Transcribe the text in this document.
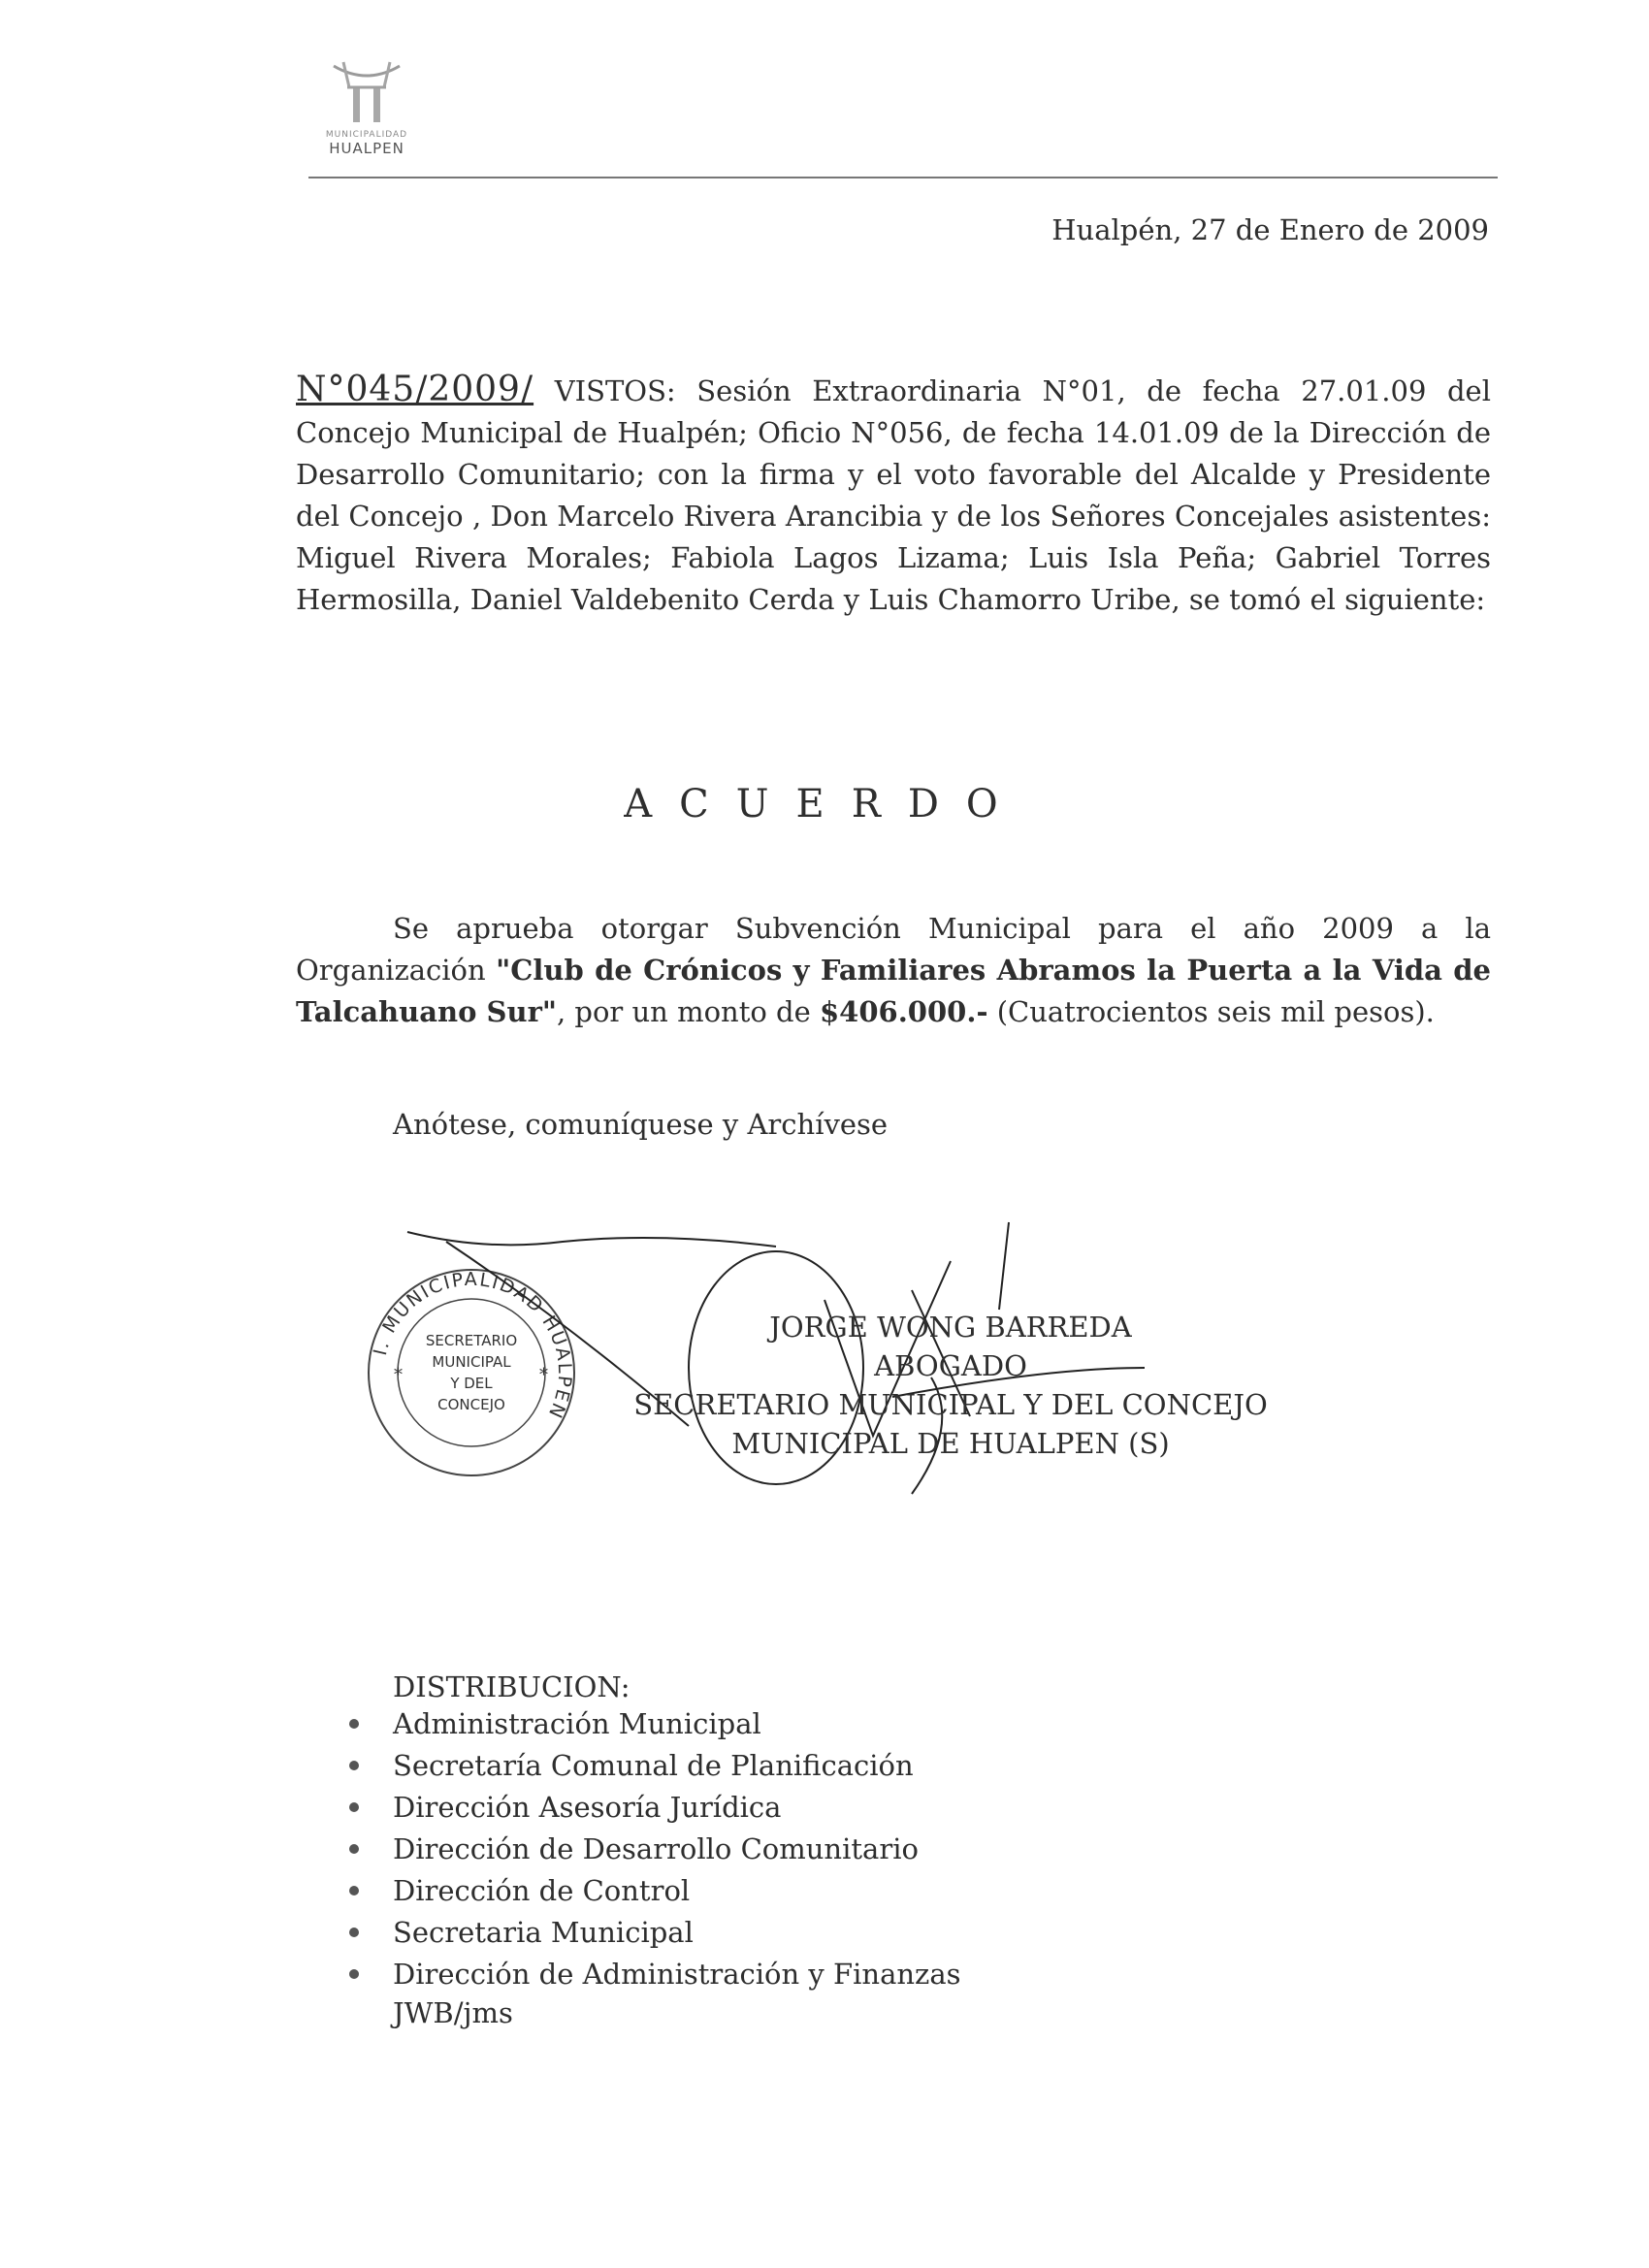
MUNICIPALIDAD
HUALPEN
Hualpén, 27 de Enero de 2009
N°045/2009/ VISTOS: Sesión Extraordinaria N°01, de fecha 27.01.09 del Concejo Municipal de Hualpén; Oficio N°056, de fecha 14.01.09 de la Dirección de Desarrollo Comunitario; con la firma y el voto favorable del Alcalde y Presidente del Concejo , Don Marcelo Rivera Arancibia y de los Señores Concejales asistentes: Miguel Rivera Morales; Fabiola Lagos Lizama; Luis Isla Peña; Gabriel Torres Hermosilla, Daniel Valdebenito Cerda y Luis Chamorro Uribe, se tomó el siguiente:
ACUERDO
Se aprueba otorgar Subvención Municipal para el año 2009 a la Organización "Club de Crónicos y Familiares Abramos la Puerta a la Vida de Talcahuano Sur", por un monto de $406.000.- (Cuatrocientos seis mil pesos).
Anótese, comuníquese y Archívese
I. MUNICIPALIDAD HUALPEN
SECRETARIO
MUNICIPAL
Y DEL
CONCEJO
*	*
JORGE WONG BARREDA
ABOGADO
SECRETARIO MUNICIPAL Y DEL CONCEJO
MUNICIPAL DE HUALPEN (S)
DISTRIBUCION:
Administración Municipal
Secretaría Comunal de Planificación
Dirección Asesoría Jurídica
Dirección de Desarrollo Comunitario
Dirección de Control
Secretaria Municipal
Dirección de Administración y Finanzas
JWB/jms
